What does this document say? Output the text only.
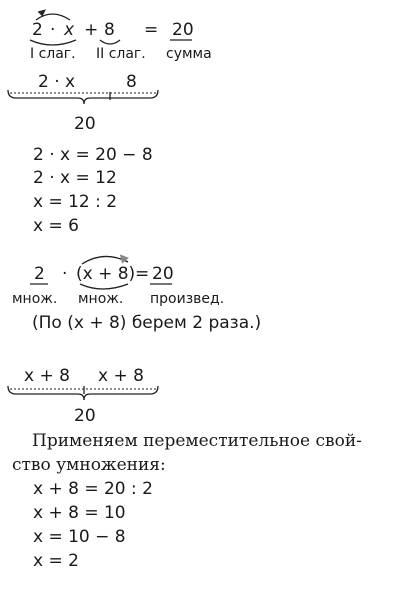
2 · x + 8 = 20
I слаг. II слаг. сумма
2 · x	8
20
2 · x = 20 − 8
2 · x = 12
x = 12 : 2
x = 6
2 · (x + 8) = 20
множ. множ. произвед.
(По (x + 8) берем 2 раза.)
x + 8 x + 8
20
Применяем переместительное свой-
ство умножения:
x + 8 = 20 : 2
x + 8 = 10
x = 10 − 8
x = 2
